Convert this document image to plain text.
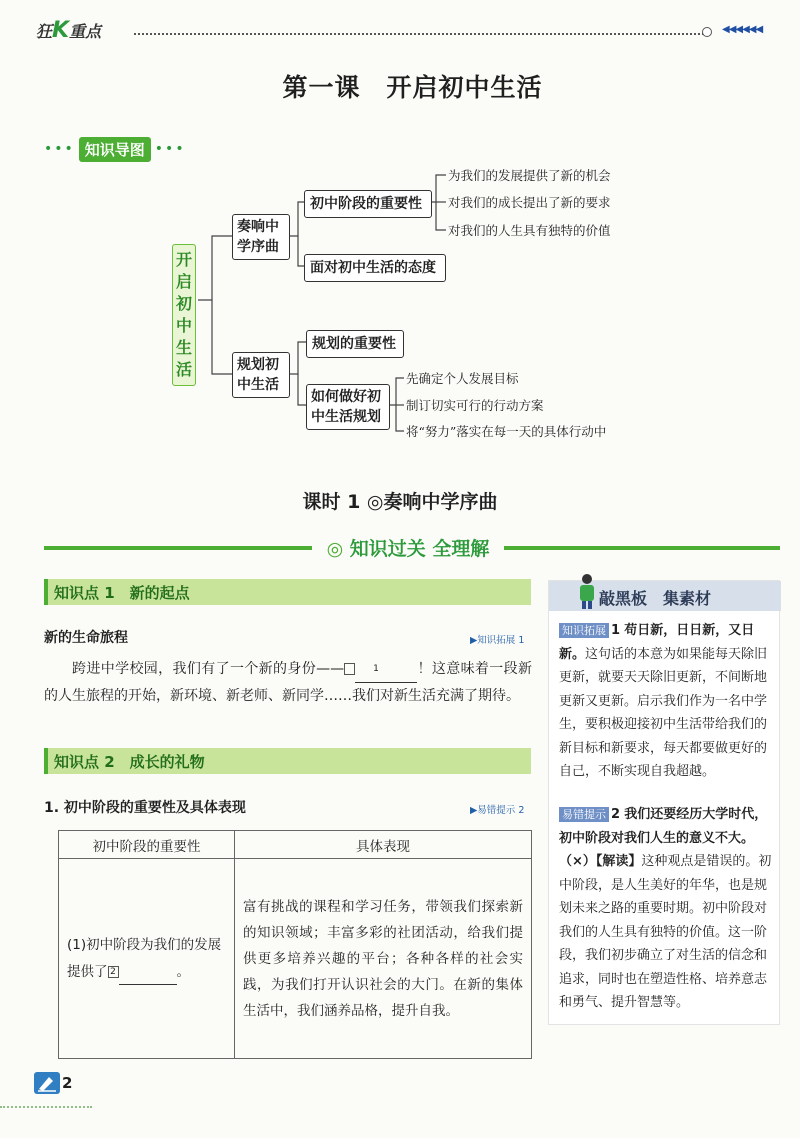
狂K重点	◀◀◀◀◀◀
第一课　开启初中生活
••• 知识导图 •••
开启初中生活
奏响中学序曲
初中阶段的重要性
面对初中生活的态度
为我们的发展提供了新的机会
对我们的成长提出了新的要求
对我们的人生具有独特的价值
规划初中生活
规划的重要性
如何做好初中生活规划
先确定个人发展目标
制订切实可行的行动方案
将“努力”落实在每一天的具体行动中
课时 1 ◎奏响中学序曲
◎ 知识过关 全理解
知识点 1　新的起点
新的生命旅程	▶知识拓展 1
跨进中学校园，我们有了一个新的身份——	1	！这意味着一段新的人生旅程的开始，新环境、新老师、新同学……我们对新生活充满了期待。
知识点 2　成长的礼物
1. 初中阶段的重要性及具体表现	▶易错提示 2
初中阶段的重要性	具体表现
(1)初中阶段为我们的发展提供了 2 。	富有挑战的课程和学习任务，带领我们探索新的知识领域；丰富多彩的社团活动，给我们提供更多培养兴趣的平台；各种各样的社会实践，为我们打开认识社会的大门。在新的集体生活中，我们涵养品格，提升自我。
敲黑板　集素材
知识拓展 1 苟日新，日日新，又日新。这句话的本意为如果能每天除旧更新，就要天天除旧更新，不间断地更新又更新。启示我们作为一名中学生，要积极迎接初中生活带给我们的新目标和新要求，每天都要做更好的自己，不断实现自我超越。
易错提示 2 我们还要经历大学时代，初中阶段对我们人生的意义不大。（×）【解读】这种观点是错误的。初中阶段，是人生美好的年华，也是规划未来之路的重要时期。初中阶段对我们的人生具有独特的价值。这一阶段，我们初步确立了对生活的信念和追求，同时也在塑造性格、培养意志和勇气、提升智慧等。
2
